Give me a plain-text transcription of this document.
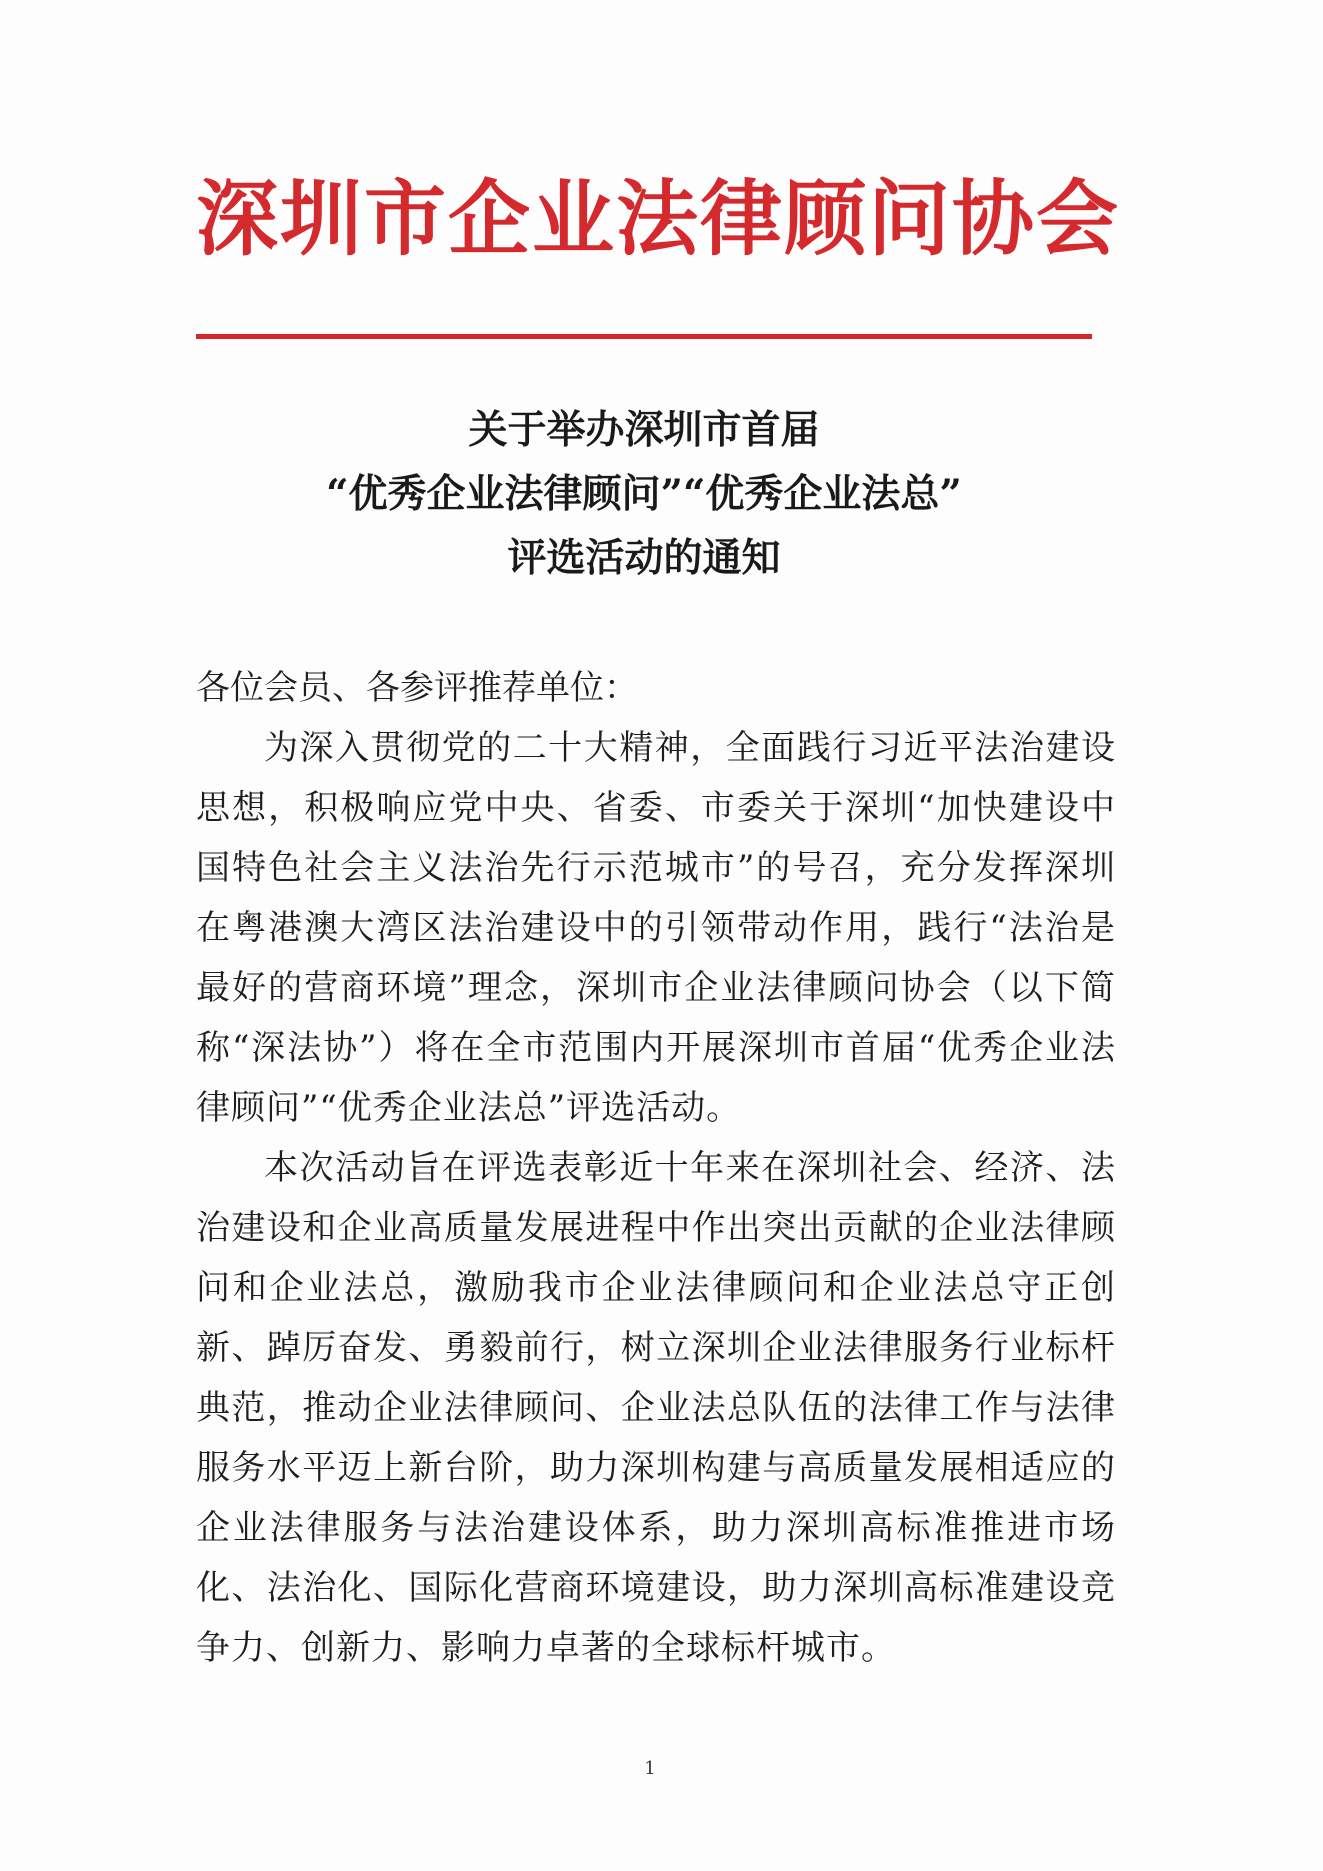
深圳市企业法律顾问协会
关于举办深圳市首届
“优秀企业法律顾问”“优秀企业法总”
评选活动的通知
各位会员、各参评推荐单位：
为深入贯彻党的二十大精神，全面践行习近平法治建设思想，积极响应党中央、省委、市委关于深圳“加快建设中国特色社会主义法治先行示范城市”的号召，充分发挥深圳在粤港澳大湾区法治建设中的引领带动作用，践行“法治是最好的营商环境”理念，深圳市企业法律顾问协会（以下简称“深法协”）将在全市范围内开展深圳市首届“优秀企业法律顾问”“优秀企业法总”评选活动。
本次活动旨在评选表彰近十年来在深圳社会、经济、法治建设和企业高质量发展进程中作出突出贡献的企业法律顾问和企业法总，激励我市企业法律顾问和企业法总守正创新、踔厉奋发、勇毅前行，树立深圳企业法律服务行业标杆典范，推动企业法律顾问、企业法总队伍的法律工作与法律服务水平迈上新台阶，助力深圳构建与高质量发展相适应的企业法律服务与法治建设体系，助力深圳高标准推进市场化、法治化、国际化营商环境建设，助力深圳高标准建设竞争力、创新力、影响力卓著的全球标杆城市。
1
